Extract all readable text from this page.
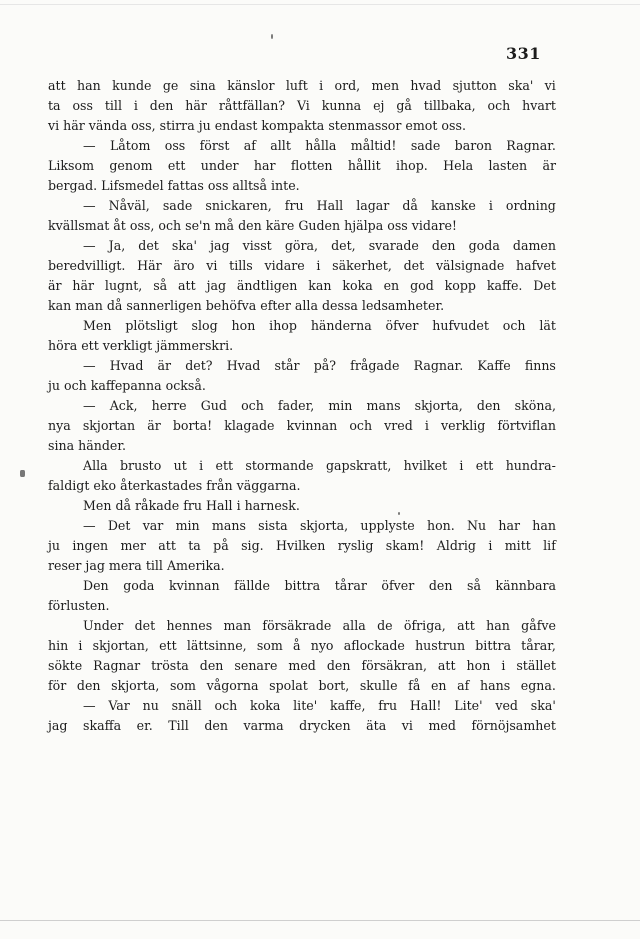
331
att han kunde ge sina känslor luft i ord, men hvad sjutton ska' vi
ta oss till i den här råttfällan? Vi kunna ej gå tillbaka, och hvart
vi här vända oss, stirra ju endast kompakta stenmassor emot oss.
— Låtom oss först af allt hålla måltid! sade baron Ragnar.
Liksom genom ett under har flotten hållit ihop. Hela lasten är
bergad. Lifsmedel fattas oss alltså inte.
— Nåväl, sade snickaren, fru Hall lagar då kanske i ordning
kvällsmat åt oss, och se'n må den käre Guden hjälpa oss vidare!
— Ja, det ska' jag visst göra, det, svarade den goda damen
beredvilligt. Här äro vi tills vidare i säkerhet, det välsignade hafvet
är här lugnt, så att jag ändtligen kan koka en god kopp kaffe. Det
kan man då sannerligen behöfva efter alla dessa ledsamheter.
Men plötsligt slog hon ihop händerna öfver hufvudet och lät
höra ett verkligt jämmerskri.
— Hvad är det? Hvad står på? frågade Ragnar. Kaffe finns
ju och kaffepanna också.
— Ack, herre Gud och fader, min mans skjorta, den sköna,
nya skjortan är borta! klagade kvinnan och vred i verklig förtviflan
sina händer.
Alla brusto ut i ett stormande gapskratt, hvilket i ett hundra-
faldigt eko återkastades från väggarna.
Men då råkade fru Hall i harnesk.
— Det var min mans sista skjorta, upplyste hon. Nu har han
ju ingen mer att ta på sig. Hvilken ryslig skam! Aldrig i mitt lif
reser jag mera till Amerika.
Den goda kvinnan fällde bittra tårar öfver den så kännbara
förlusten.
Under det hennes man försäkrade alla de öfriga, att han gåfve
hin i skjortan, ett lättsinne, som å nyo aflockade hustrun bittra tårar,
sökte Ragnar trösta den senare med den försäkran, att hon i stället
för den skjorta, som vågorna spolat bort, skulle få en af hans egna.
— Var nu snäll och koka lite' kaffe, fru Hall! Lite' ved ska'
jag skaffa er. Till den varma drycken äta vi med förnöjsamhet
